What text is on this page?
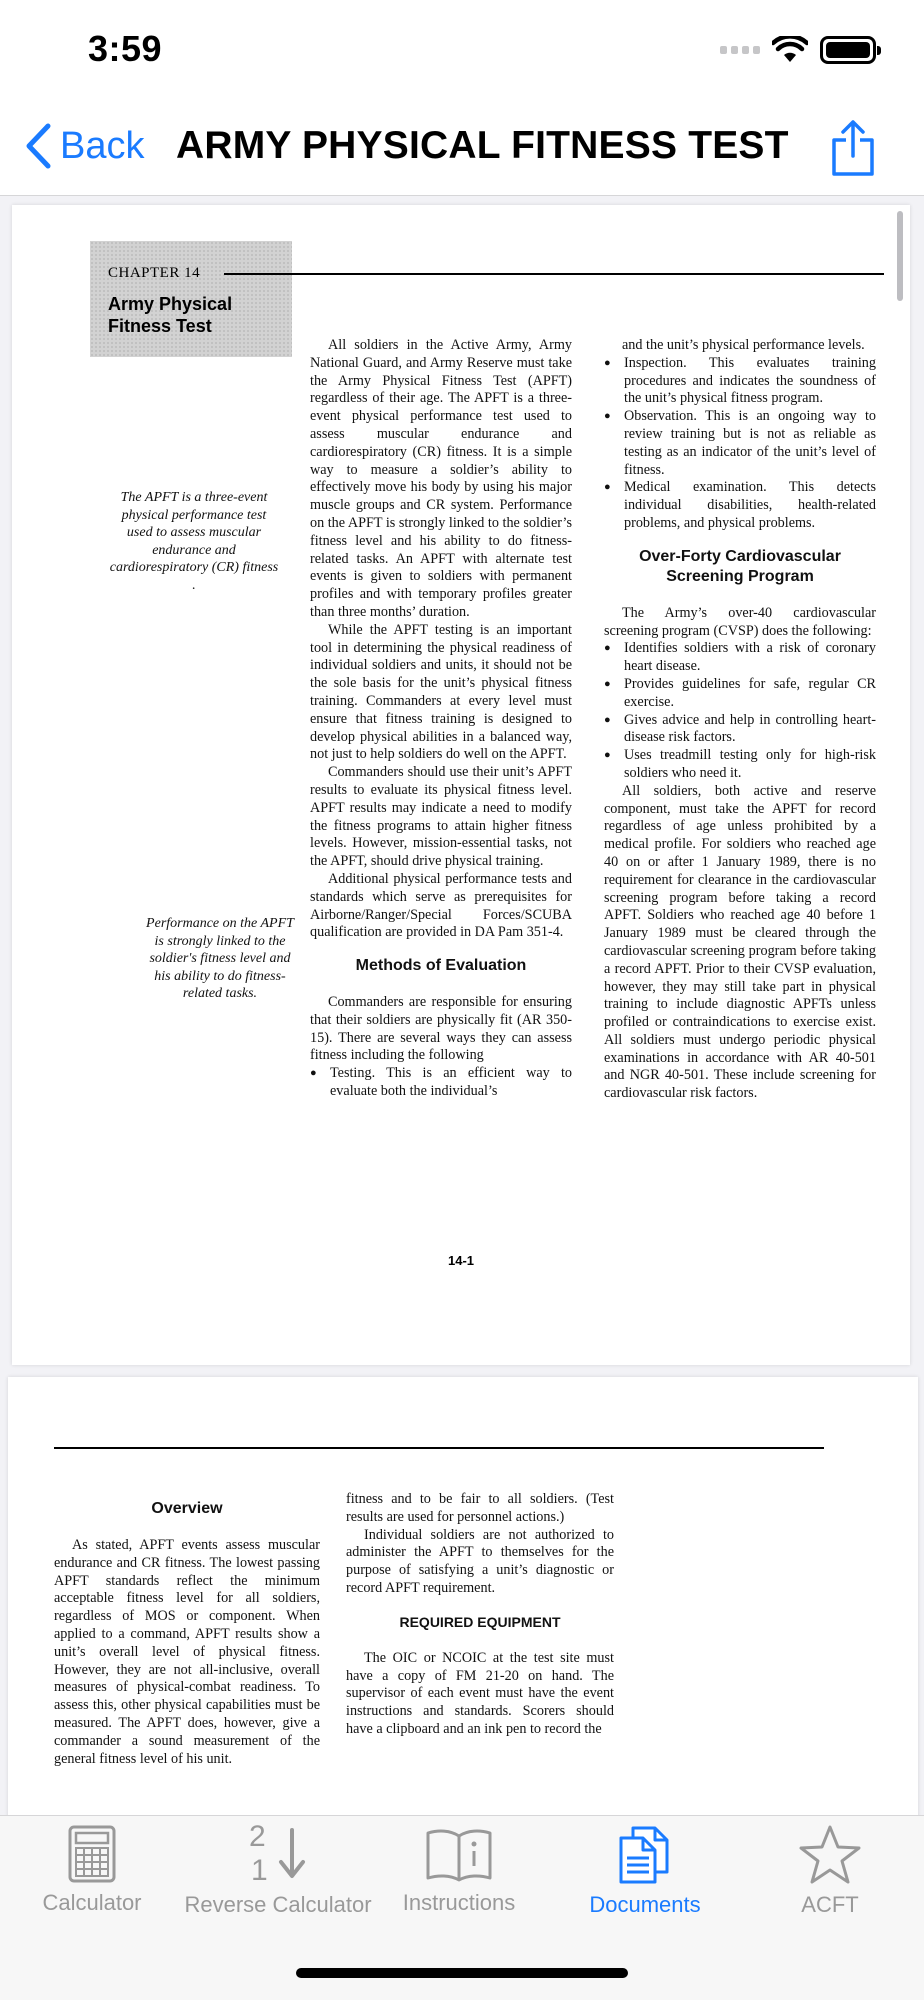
3:59
Back ARMY PHYSICAL FITNESS TEST
CHAPTER 14
Army Physical Fitness Test
The APFT is a three-event physical performance test used to assess muscular endurance and cardiorespiratory (CR) fitness .
Performance on the APFT is strongly linked to the soldier's fitness level and his ability to do fitness-related tasks.

All soldiers in the Active Army, Army National Guard, and Army Reserve must take the Army Physical Fitness Test (APFT) regardless of their age. The APFT is a three-event physical performance test used to assess muscular endurance and cardiorespiratory (CR) fitness. It is a simple way to measure a soldier’s ability to effectively move his body by using his major muscle groups and CR system. Performance on the APFT is strongly linked to the soldier’s fitness level and his ability to do fitness-related tasks. An APFT with alternate test events is given to soldiers with permanent profiles and with temporary profiles greater than three months’ duration.

While the APFT testing is an important tool in determining the physical readiness of individual soldiers and units, it should not be the sole basis for the unit’s physical fitness training. Commanders at every level must ensure that fitness training is designed to develop physical abilities in a balanced way, not just to help soldiers do well on the APFT.

Commanders should use their unit’s APFT results to evaluate its physical fitness level. APFT results may indicate a need to modify the fitness programs to attain higher fitness levels. However, mission-essential tasks, not the APFT, should drive physical training.

Additional physical performance tests and standards which serve as prerequisites for Airborne/Ranger/Special Forces/SCUBA qualification are provided in DA Pam 351-4.

Methods of Evaluation

Commanders are responsible for ensuring that their soldiers are physically fit (AR 350- 15). There are several ways they can assess fitness including the following

● Testing. This is an efficient way to evaluate both the individual’s

and the unit’s physical performance levels.

● Inspection. This evaluates training procedures and indicates the soundness of the unit’s physical fitness program.
● Observation. This is an ongoing way to review training but is not as reliable as testing as an indicator of the unit’s level of fitness.
● Medical examination. This detects individual disabilities, health-related problems, and physical problems.
Over-Forty Cardiovascular Screening Program

The Army’s over-40 cardiovascular screening program (CVSP) does the following:

● Identifies soldiers with a risk of coronary heart disease.
● Provides guidelines for safe, regular CR exercise.
● Gives advice and help in controlling heart-disease risk factors.
● Uses treadmill testing only for high-risk soldiers who need it.

All soldiers, both active and reserve component, must take the APFT for record regardless of age unless prohibited by a medical profile. For soldiers who reached age 40 on or after 1 January 1989, there is no requirement for clearance in the cardiovascular screening program before taking a record APFT. Soldiers who reached age 40 before 1 January 1989 must be cleared through the cardiovascular screening program before taking a record APFT. Prior to their CVSP evaluation, however, they may still take part in physical training to include diagnostic APFTs unless profiled or contraindications to exercise exist. All soldiers must undergo periodic physical examinations in accordance with AR 40-501 and NGR 40-501. These include screening for cardiovascular risk factors.

14-1
Overview

As stated, APFT events assess muscular endurance and CR fitness. The lowest passing APFT standards reflect the minimum acceptable fitness level for all soldiers, regardless of MOS or component. When applied to a command, APFT results show a unit’s overall level of physical fitness. However, they are not all-inclusive, overall measures of physical-combat readiness. To assess this, other physical capabilities must be measured. The APFT does, however, give a commander a sound measurement of the general fitness level of his unit.

fitness and to be fair to all soldiers. (Test results are used for personnel actions.)

Individual soldiers are not authorized to administer the APFT to themselves for the purpose of satisfying a unit’s diagnostic or record APFT requirement.

REQUIRED EQUIPMENT

The OIC or NCOIC at the test site must have a copy of FM 21-20 on hand. The supervisor of each event must have the event instructions and standards. Scorers should have a clipboard and an ink pen to record the

Calculator
2
1
Reverse Calculator Instructions	Documents	ACFT
